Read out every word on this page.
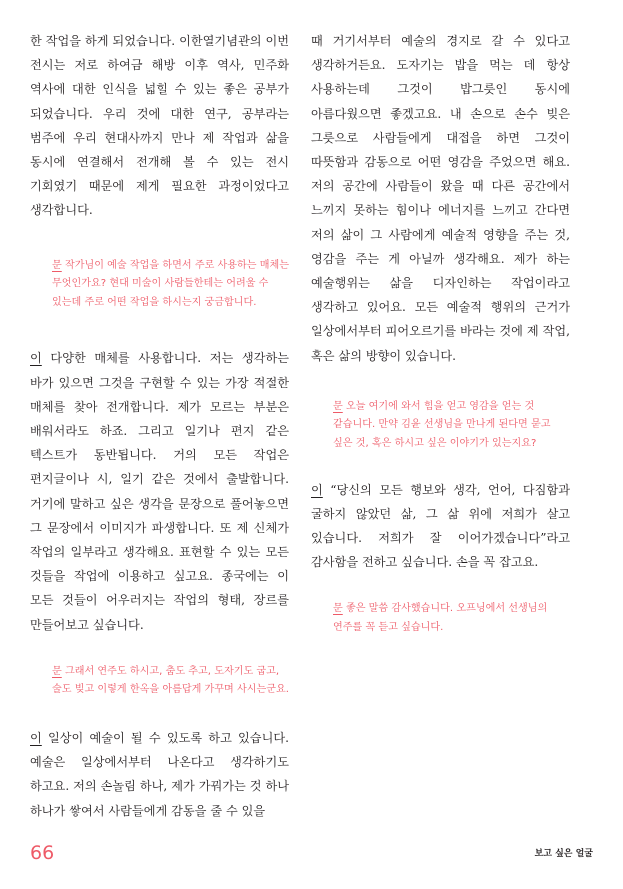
한 작업을 하게 되었습니다. 이한열기념관의 이번 전시는 저로 하여금 해방 이후 역사, 민주화 역사에 대한 인식을 넓힐 수 있는 좋은 공부가 되었습니다. 우리 것에 대한 연구, 공부라는 범주에 우리 현대사까지 만나 제 작업과 삶을 동시에 연결해서 전개해 볼 수 있는 전시 기회였기 때문에 제게 필요한 과정이었다고 생각합니다.

문 작가님이 예술 작업을 하면서 주로 사용하는 매체는 무엇인가요? 현대 미술이 사람들한테는 어려울 수 있는데 주로 어떤 작업을 하시는지 궁금합니다.

이 다양한 매체를 사용합니다. 저는 생각하는 바가 있으면 그것을 구현할 수 있는 가장 적절한 매체를 찾아 전개합니다. 제가 모르는 부분은 배워서라도 하죠. 그리고 일기나 편지 같은 텍스트가 동반됩니다. 거의 모든 작업은 편지글이나 시, 일기 같은 것에서 출발합니다. 거기에 말하고 싶은 생각을 문장으로 풀어놓으면 그 문장에서 이미지가 파생합니다. 또 제 신체가 작업의 일부라고 생각해요. 표현할 수 있는 모든 것들을 작업에 이용하고 싶고요. 종국에는 이 모든 것들이 어우러지는 작업의 형태, 장르를 만들어보고 싶습니다.

문 그래서 연주도 하시고, 춤도 추고, 도자기도 굽고, 술도 빚고 이렇게 한옥을 아름답게 가꾸며 사시는군요.

이 일상이 예술이 될 수 있도록 하고 있습니다. 예술은 일상에서부터 나온다고 생각하기도 하고요. 저의 손놀림 하나, 제가 가꿔가는 것 하나 하나가 쌓여서 사람들에게 감동을 줄 수 있을

때 거기서부터 예술의 경지로 갈 수 있다고 생각하거든요. 도자기는 밥을 먹는 데 항상 사용하는데 그것이 밥그릇인 동시에 아름다웠으면 좋겠고요. 내 손으로 손수 빚은 그릇으로 사람들에게 대접을 하면 그것이 따뜻함과 감동으로 어떤 영감을 주었으면 해요. 저의 공간에 사람들이 왔을 때 다른 공간에서 느끼지 못하는 힘이나 에너지를 느끼고 간다면 저의 삶이 그 사람에게 예술적 영향을 주는 것, 영감을 주는 게 아닐까 생각해요. 제가 하는 예술행위는 삶을 디자인하는 작업이라고 생각하고 있어요. 모든 예술적 행위의 근거가 일상에서부터 피어오르기를 바라는 것에 제 작업, 혹은 삶의 방향이 있습니다.

문 오늘 여기에 와서 힘을 얻고 영감을 얻는 것 같습니다. 만약 김윤 선생님을 만나게 된다면 묻고 싶은 것, 혹은 하시고 싶은 이야기가 있는지요?

이 “당신의 모든 행보와 생각, 언어, 다짐함과 굴하지 않았던 삶, 그 삶 위에 저희가 살고 있습니다. 저희가 잘 이어가겠습니다”라고 감사함을 전하고 싶습니다. 손을 꼭 잡고요.

문 좋은 말씀 감사했습니다. 오프닝에서 선생님의 연주를 꼭 듣고 싶습니다.

66	보고 싶은 얼굴
